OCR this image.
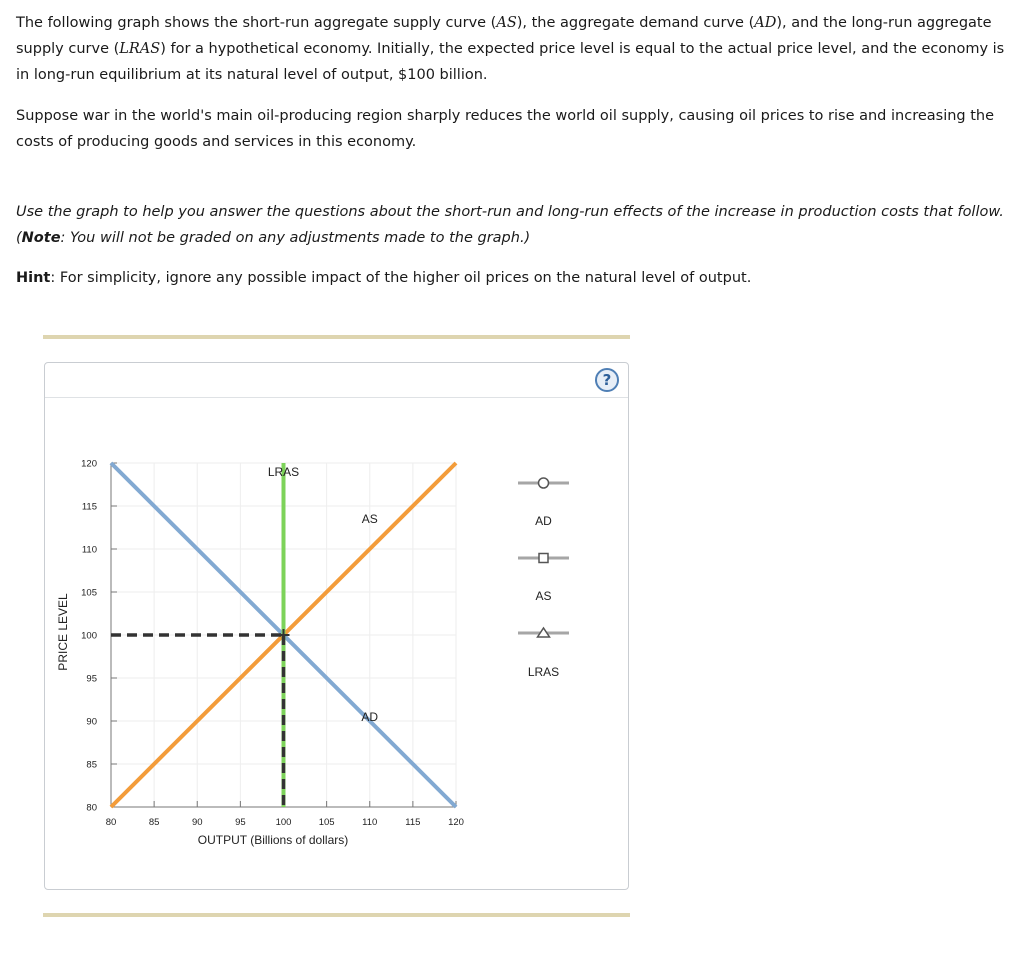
The following graph shows the short-run aggregate supply curve (AS), the aggregate demand curve (AD), and the long-run aggregate supply curve (LRAS) for a hypothetical economy. Initially, the expected price level is equal to the actual price level, and the economy is in long-run equilibrium at its natural level of output, $100 billion.

Suppose war in the world's main oil-producing region sharply reduces the world oil supply, causing oil prices to rise and increasing the costs of producing goods and services in this economy.

Use the graph to help you answer the questions about the short-run and long-run effects of the increase in production costs that follow. (Note: You will not be graded on any adjustments made to the graph.)

Hint: For simplicity, ignore any possible impact of the higher oil prices on the natural level of output.

?
80	85	90	95	100	105	110	115	120
80
85
90
95
100
105
110
115
120
AD
AS
LRAS
PRICE LEVEL
OUTPUT (Billions of dollars)
AD
AS
LRAS
